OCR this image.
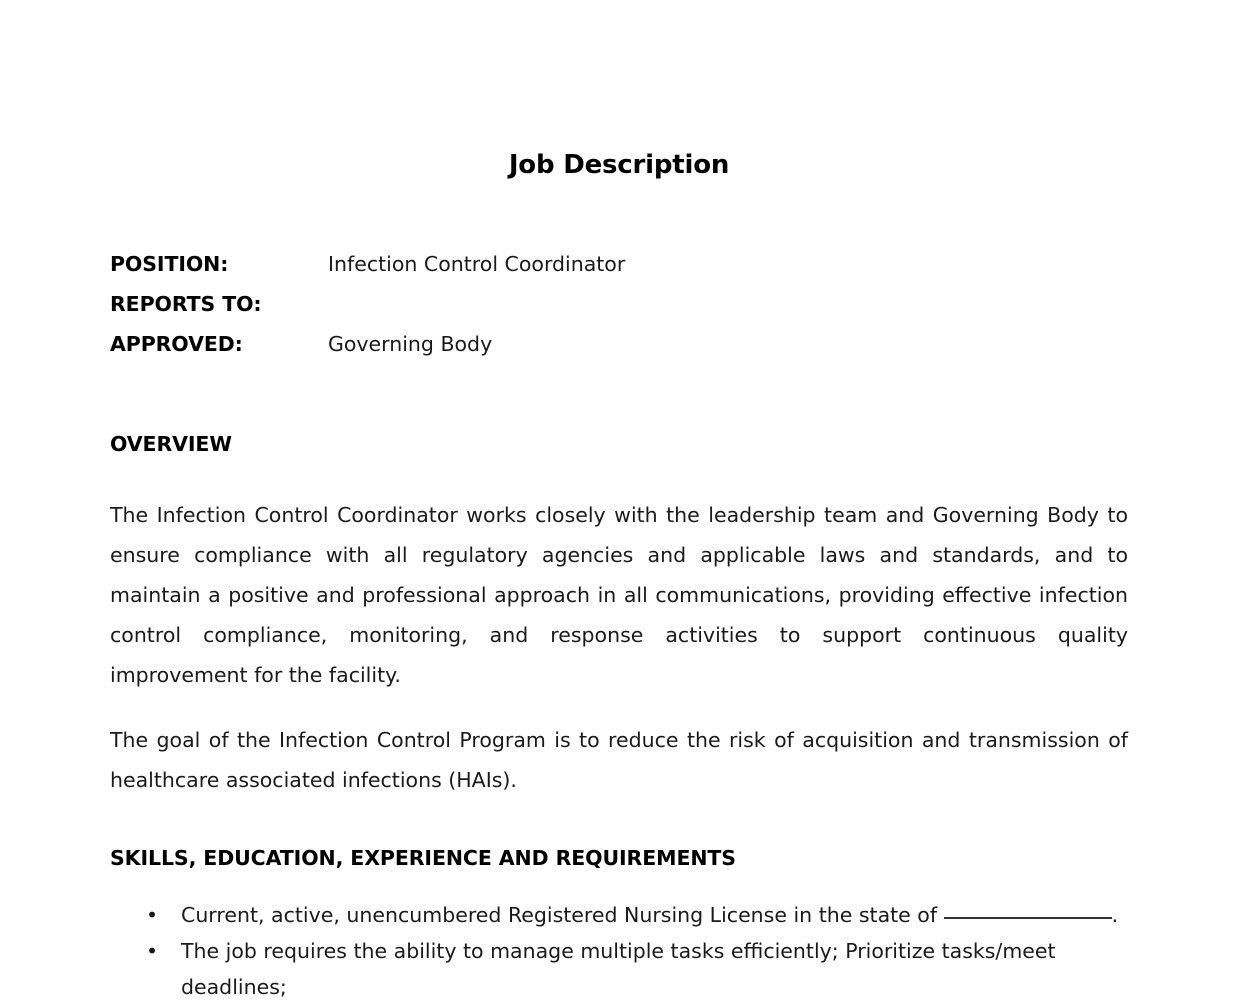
Job Description
POSITION:	Infection Control Coordinator
REPORTS TO:	
APPROVED:	Governing Body
OVERVIEW

The Infection Control Coordinator works closely with the leadership team and Governing Body to ensure compliance with all regulatory agencies and applicable laws and standards, and to maintain a positive and professional approach in all communications, providing effective infection control compliance, monitoring, and response activities to support continuous quality improvement for the facility.

The goal of the Infection Control Program is to reduce the risk of acquisition and transmission of healthcare associated infections (HAIs).

SKILLS, EDUCATION, EXPERIENCE AND REQUIREMENTS
• Current, active, unencumbered Registered Nursing License in the state of	.
• The job requires the ability to manage multiple tasks efficiently; Prioritize tasks/meet deadlines;
